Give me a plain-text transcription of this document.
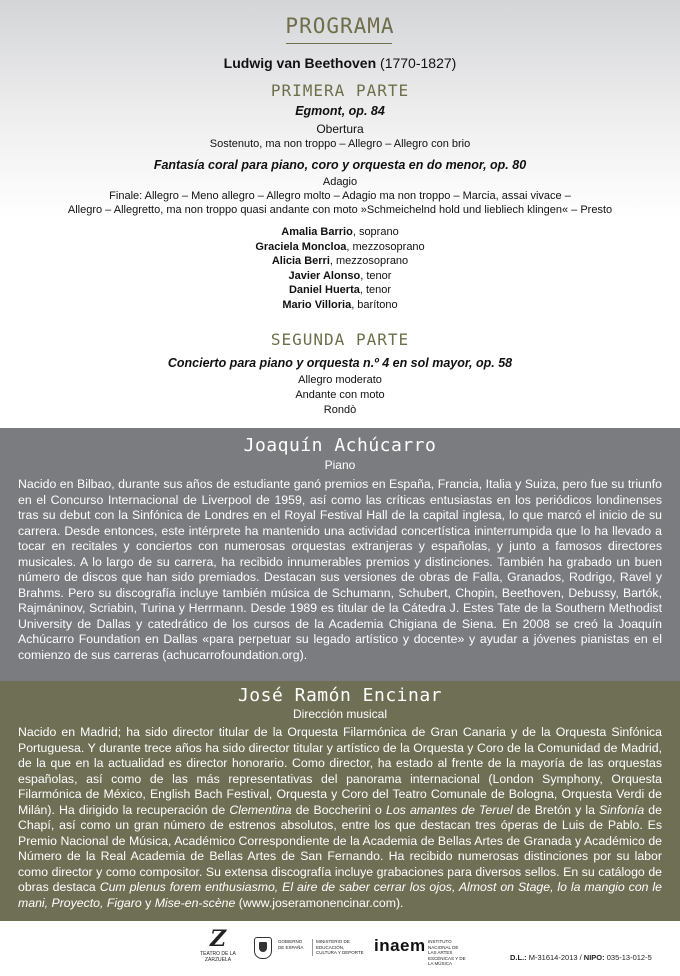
PROGRAMA
Ludwig van Beethoven (1770-1827)
PRIMERA PARTE
Egmont, op. 84
Obertura
Sostenuto, ma non troppo – Allegro – Allegro con brio
Fantasía coral para piano, coro y orquesta en do menor, op. 80
Adagio
Finale: Allegro – Meno allegro – Allegro molto – Adagio ma non troppo – Marcia, assai vivace –
Allegro – Allegretto, ma non troppo quasi andante con moto »Schmeichelnd hold und liebliech klingen« – Presto
Amalia Barrio, soprano
Graciela Moncloa, mezzosoprano
Alicia Berri, mezzosoprano
Javier Alonso, tenor
Daniel Huerta, tenor
Mario Villoria, barítono
SEGUNDA PARTE
Concierto para piano y orquesta n.º 4 en sol mayor, op. 58
Allegro moderato
Andante con moto
Rondò
Joaquín Achúcarro
Piano
Nacido en Bilbao, durante sus años de estudiante ganó premios en España, Francia, Italia y Suiza, pero fue su triunfo en el Concurso Internacional de Liverpool de 1959, así como las críticas entusiastas en los periódicos londinenses tras su debut con la Sinfónica de Londres en el Royal Festival Hall de la capital inglesa, lo que marcó el inicio de su carrera. Desde entonces, este intérprete ha mantenido una actividad concertística ininterrumpida que lo ha llevado a tocar en recitales y conciertos con numerosas orquestas extranjeras y españolas, y junto a famosos directores musicales. A lo largo de su carrera, ha recibido innumerables premios y distinciones. También ha grabado un buen número de discos que han sido premiados. Destacan sus versiones de obras de Falla, Granados, Rodrigo, Ravel y Brahms. Pero su discografía incluye también música de Schumann, Schubert, Chopin, Beethoven, Debussy, Bartók, Rajmáninov, Scriabin, Turina y Herrmann. Desde 1989 es titular de la Cátedra J. Estes Tate de la Southern Methodist University de Dallas y catedrático de los cursos de la Academia Chigiana de Siena. En 2008 se creó la Joaquín Achúcarro Foundation en Dallas «para perpetuar su legado artístico y docente» y ayudar a jóvenes pianistas en el comienzo de sus carreras (achucarrofoundation.org).
José Ramón Encinar
Dirección musical
Nacido en Madrid; ha sido director titular de la Orquesta Filarmónica de Gran Canaria y de la Orquesta Sinfónica Portuguesa. Y durante trece años ha sido director titular y artístico de la Orquesta y Coro de la Comunidad de Madrid, de la que en la actualidad es director honorario. Como director, ha estado al frente de la mayoría de las orquestas españolas, así como de las más representativas del panorama internacional (London Symphony, Orquesta Filarmónica de México, English Bach Festival, Orquesta y Coro del Teatro Comunale de Bologna, Orquesta Verdi de Milán). Ha dirigido la recuperación de Clementina de Boccherini o Los amantes de Teruel de Bretón y la Sinfonía de Chapí, así como un gran número de estrenos absolutos, entre los que destacan tres óperas de Luis de Pablo. Es Premio Nacional de Música, Académico Correspondiente de la Academia de Bellas Artes de Granada y Académico de Número de la Real Academia de Bellas Artes de San Fernando. Ha recibido numerosas distinciones por su labor como director y como compositor. Su extensa discografía incluye grabaciones para diversos sellos. En su catálogo de obras destaca Cum plenus forem enthusiasmo, El aire de saber cerrar los ojos, Almost on Stage, lo la mangio con le mani, Proyecto, Figaro y Mise-en-scène (www.joseramonencinar.com).
Z
TEATRO DE LA ZARZUELA
GOBIERNO DE ESPAÑA
MINISTERIO DE EDUCACIÓN, CULTURA Y DEPORTE inaem INSTITUTO NACIONAL DE LAS ARTES ESCÉNICAS Y DE LA MÚSICA
D.L.: M-31614-2013 / NIPO: 035-13-012-5
